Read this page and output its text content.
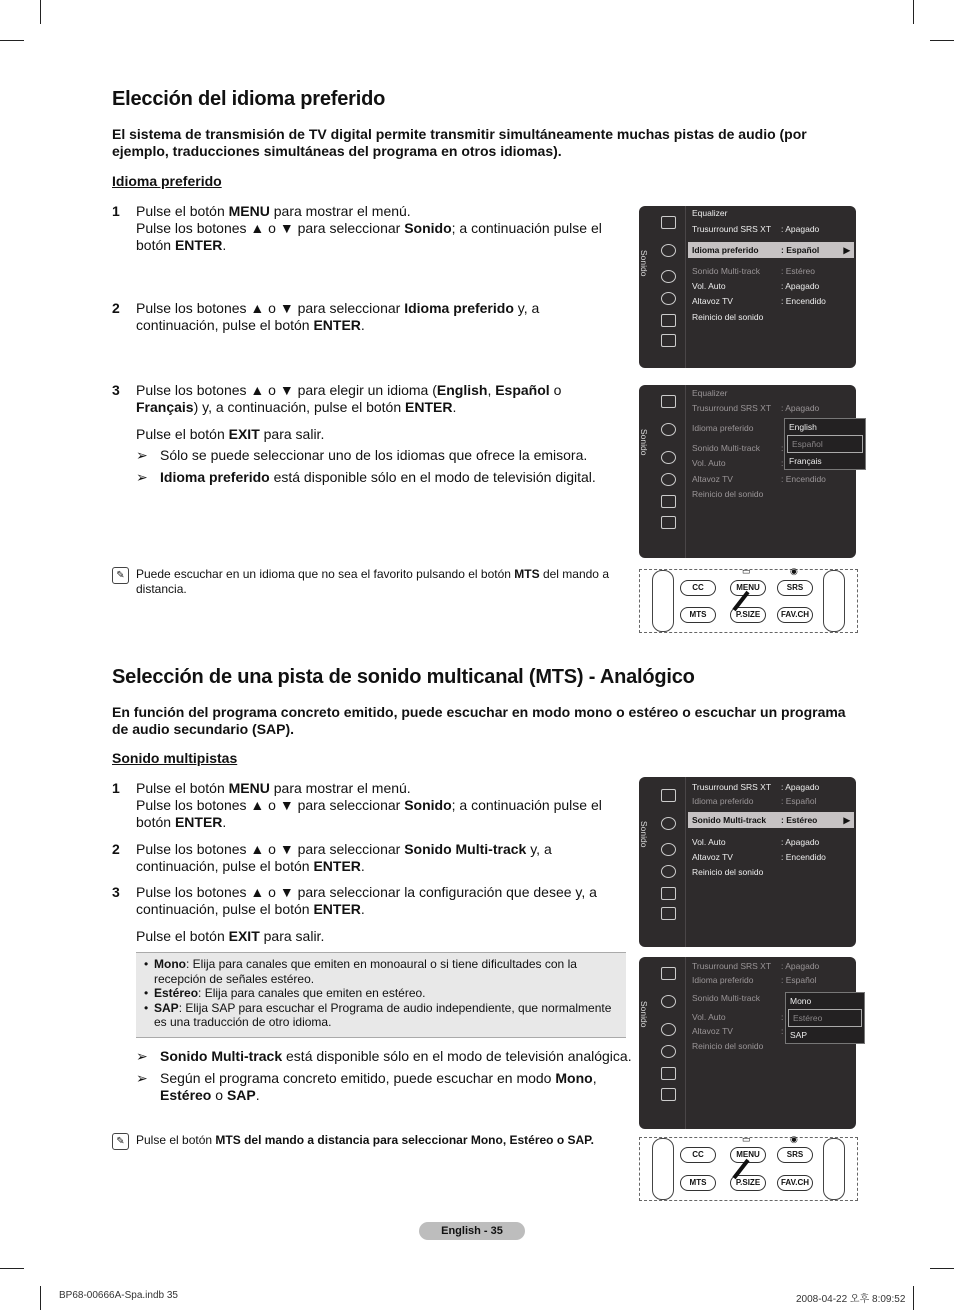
Elección del idioma preferido

El sistema de transmisión de TV digital permite transmitir simultáneamente muchas pistas de audio (por ejemplo, traducciones simultáneas del programa en otros idiomas).

Idioma preferido

1 Pulse el botón MENU para mostrar el menú.
Pulse los botones ▲ o ▼ para seleccionar Sonido; a continuación pulse el botón ENTER.
2 Pulse los botones ▲ o ▼ para seleccionar Idioma preferido y, a continuación, pulse el botón ENTER.
3 Pulse los botones ▲ o ▼ para elegir un idioma (English, Español o Français) y, a continuación, pulse el botón ENTER.
Pulse el botón EXIT para salir.
➢ Sólo se puede seleccionar uno de los idiomas que ofrece la emisora.
➢ Idioma preferido está disponible sólo en el modo de televisión digital.
✎ Puede escuchar en un idioma que no sea el favorito pulsando el botón MTS del mando a distancia.
Sonido
Equalizer
Trusurround SRS XT : Apagado
Idioma preferido	: Español	▶
Sonido Multi-track : Estéreo
Vol. Auto	: Apagado
Altavoz TV	: Encendido
Reinicio del sonido
Sonido
Equalizer
Trusurround SRS XT : Apagado
Idioma preferido
Sonido Multi-track :
Vol. Auto	:
Altavoz TV	: Encendido
Reinicio del sonido
English
Español
Français
▭	◉
CC	MENU	SRS
MTS	P.SIZE	FAV.CH
Selección de una pista de sonido multicanal (MTS) - Analógico

En función del programa concreto emitido, puede escuchar en modo mono o estéreo o escuchar un programa de audio secundario (SAP).

Sonido multipistas

1 Pulse el botón MENU para mostrar el menú.
Pulse los botones ▲ o ▼ para seleccionar Sonido; a continuación pulse el botón ENTER.
2 Pulse los botones ▲ o ▼ para seleccionar Sonido Multi-track y, a continuación, pulse el botón ENTER.
3 Pulse los botones ▲ o ▼ para seleccionar la configuración que desee y, a continuación, pulse el botón ENTER.
Pulse el botón EXIT para salir.
• Mono: Elija para canales que emiten en monoaural o si tiene dificultades con la recepción de señales estéreo.
• Estéreo: Elija para canales que emiten en estéreo.
• SAP: Elija SAP para escuchar el Programa de audio independiente, que normalmente es una traducción de otro idioma.
➢ Sonido Multi-track está disponible sólo en el modo de televisión analógica.
➢ Según el programa concreto emitido, puede escuchar en modo Mono, Estéreo o SAP.
✎ Pulse el botón MTS del mando a distancia para seleccionar Mono, Estéreo o SAP.
Sonido
Trusurround SRS XT : Apagado
Idioma preferido	: Español
Sonido Multi-track : Estéreo	▶
Vol. Auto	: Apagado
Altavoz TV	: Encendido
Reinicio del sonido
Sonido
Trusurround SRS XT : Apagado
Idioma preferido	: Español
Sonido Multi-track
Vol. Auto	:
Altavoz TV	:
Reinicio del sonido
Mono
Estéreo
SAP
▭	◉
CC	MENU	SRS
MTS	P.SIZE	FAV.CH
English - 35
BP68-00666A-Spa.indb 35	2008-04-22 오후 8:09:52
